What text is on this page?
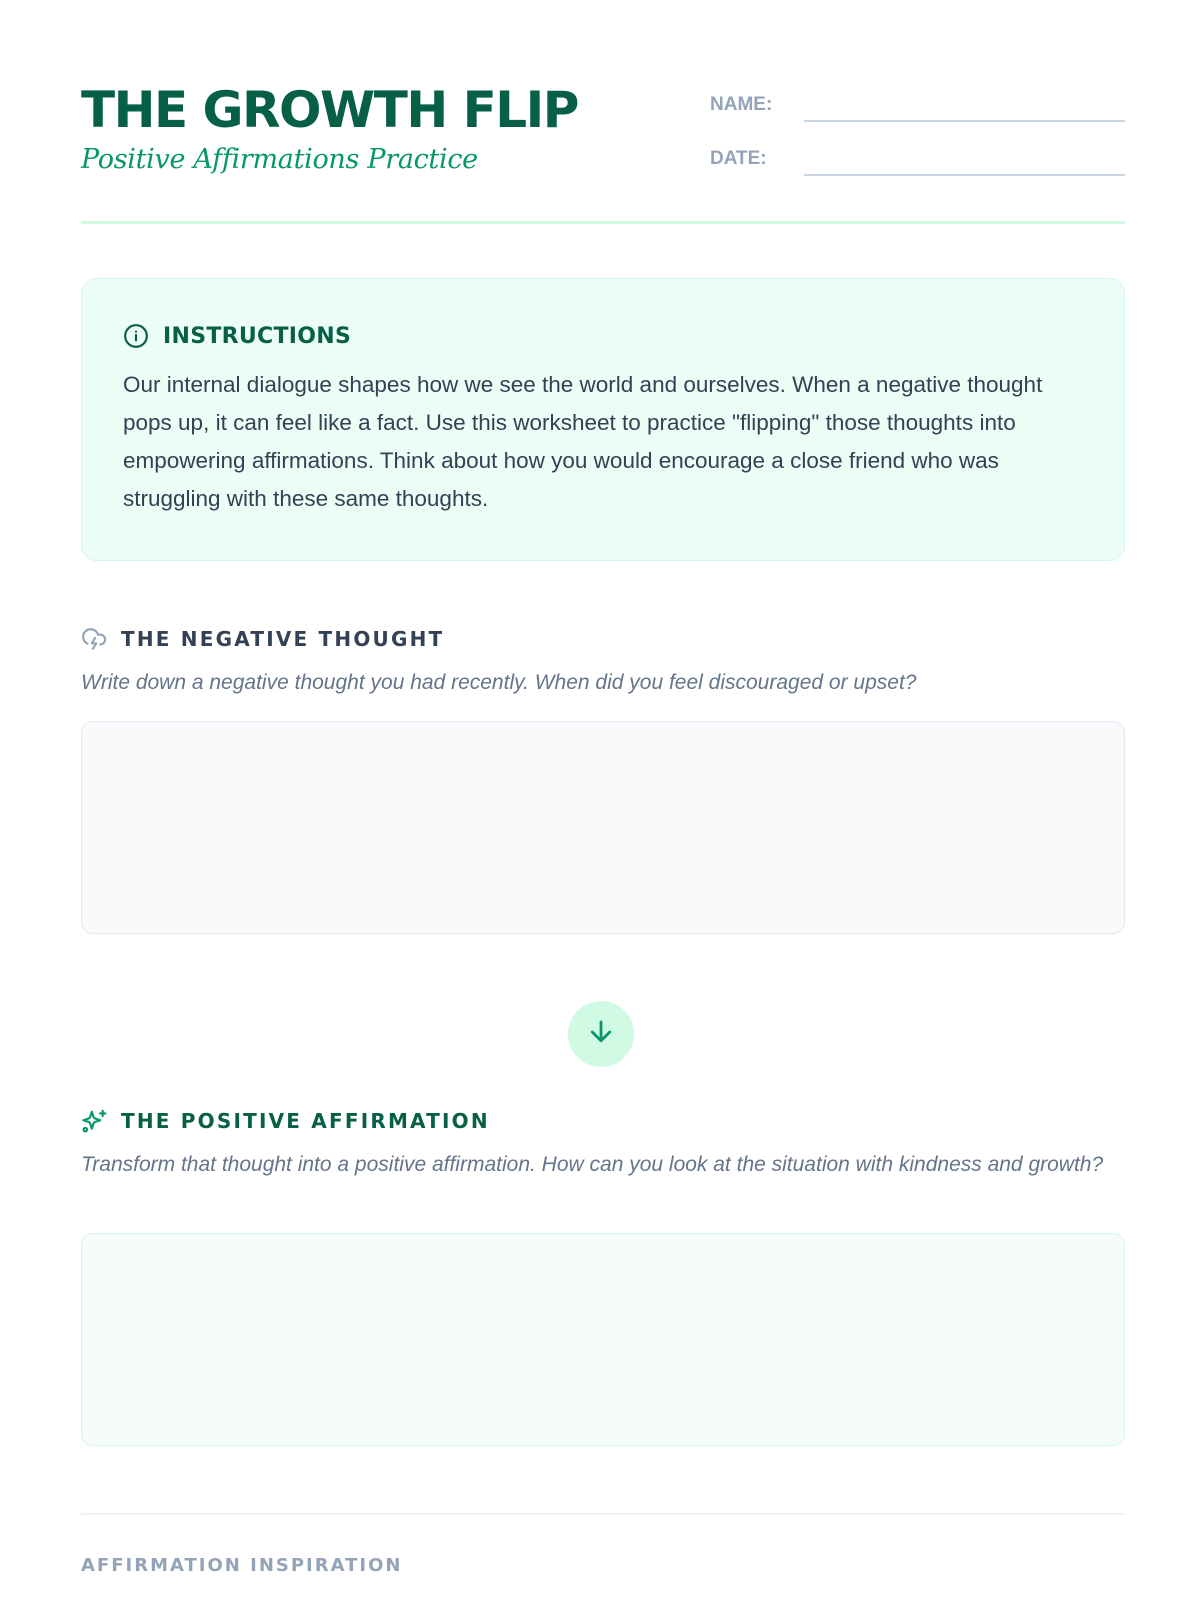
THE GROWTH FLIP
Positive Affirmations Practice
NAME:
DATE:
INSTRUCTIONS

Our internal dialogue shapes how we see the world and ourselves. When a negative thought pops up, it can feel like a fact. Use this worksheet to practice "flipping" those thoughts into empowering affirmations. Think about how you would encourage a close friend who was struggling with these same thoughts.

THE NEGATIVE THOUGHT

Write down a negative thought you had recently. When did you feel discouraged or upset?

THE POSITIVE AFFIRMATION

Transform that thought into a positive affirmation. How can you look at the situation with kindness and growth?

AFFIRMATION INSPIRATION
